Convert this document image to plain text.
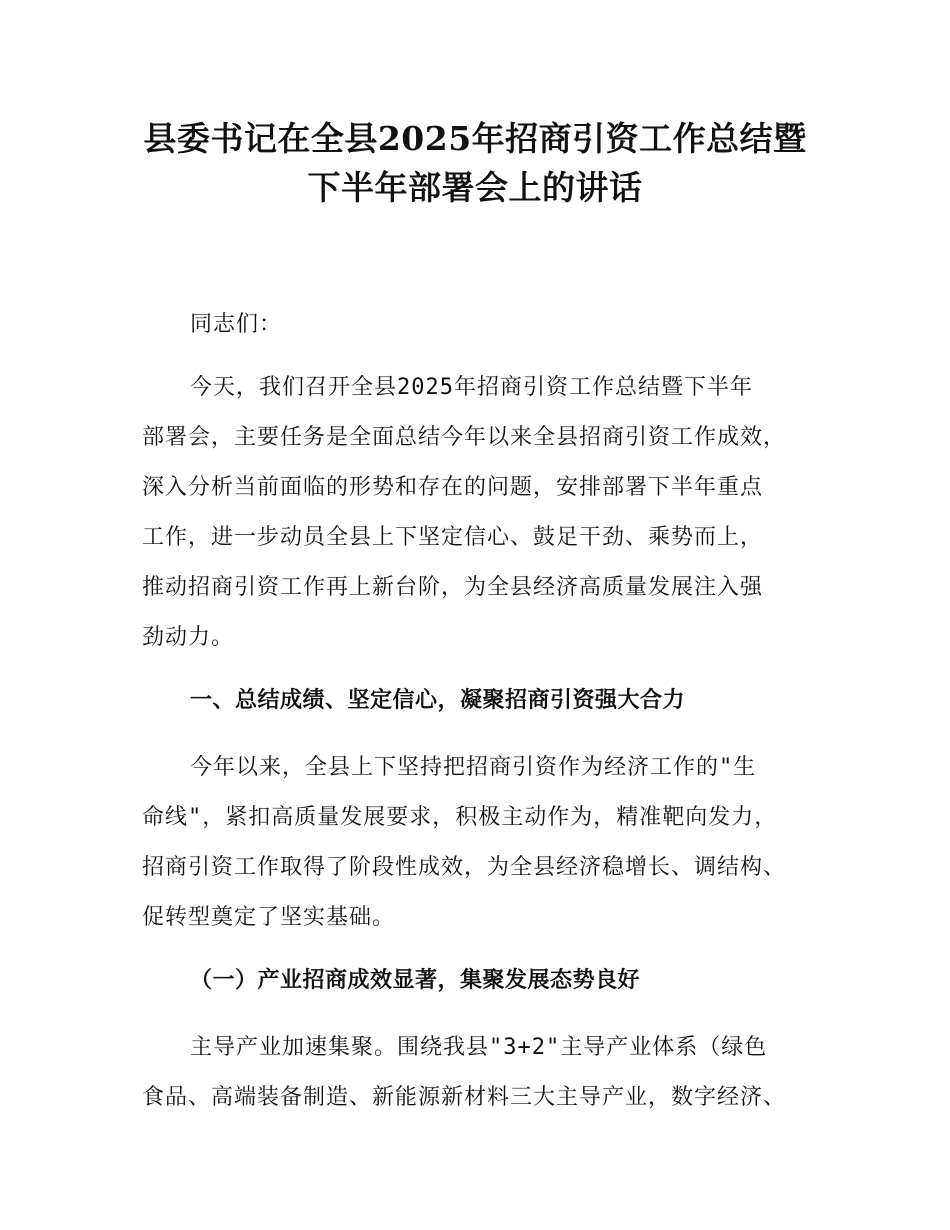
县委书记在全县2025年招商引资工作总结暨
下半年部署会上的讲话

同志们：

今天，我们召开全县2025年招商引资工作总结暨下半年

部署会，主要任务是全面总结今年以来全县招商引资工作成效，

深入分析当前面临的形势和存在的问题，安排部署下半年重点

工作，进一步动员全县上下坚定信心、鼓足干劲、乘势而上，

推动招商引资工作再上新台阶，为全县经济高质量发展注入强

劲动力。

一、总结成绩、坚定信心，凝聚招商引资强大合力

今年以来，全县上下坚持把招商引资作为经济工作的"生

命线"，紧扣高质量发展要求，积极主动作为，精准靶向发力，

招商引资工作取得了阶段性成效，为全县经济稳增长、调结构、

促转型奠定了坚实基础。

（一）产业招商成效显著，集聚发展态势良好

主导产业加速集聚。围绕我县"3+2"主导产业体系（绿色

食品、高端装备制造、新能源新材料三大主导产业，数字经济、
